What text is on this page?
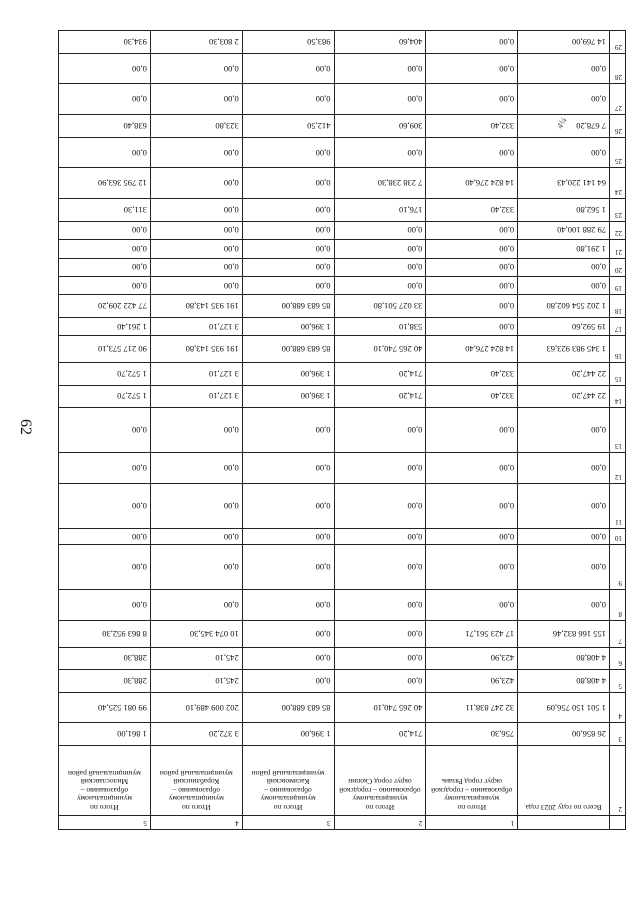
62
4¼
		1	2	3	4	5
2	Всего по году 2023 года	Итого по муниципальному образованию – городской округ город Рязань	Итого по муниципальному образованию – городской округ город Скопин	Итого по муниципальному образованию – Касимовский муниципальный район	Итого по муниципальному образованию – Кораблинский муниципальный район	Итого по муниципальному образованию – Милославский муниципальный район
3	26 856,00	756,30	714,20	1 396,00	3 372,20	1 861,00
4	1 501 150 756,09	32 247 838,11	40 265 740,10	85 683 688,00	202 009 489,10	99 081 525,40
5	4 408,80	423,90	0,00	0,00	245,10	288,30
6	4 408,80	423,90	0,00	0,00	245,10	288,30
7	155 166 832,46	17 423 561,71	0,00	0,00	10 074 345,30	8 863 952,30
8	0,00	0,00	0,00	0,00	0,00	0,00
9	0,00	0,00	0,00	0,00	0,00	0,00
10	0,00	0,00	0,00	0,00	0,00	0,00
11	0,00	0,00	0,00	0,00	0,00	0,00
12	0,00	0,00	0,00	0,00	0,00	0,00
13	0,00	0,00	0,00	0,00	0,00	0,00
14	22 447,20	332,40	714,20	1 396,00	3 127,10	1 572,70
15	22 447,20	332,40	714,20	1 396,00	3 127,10	1 572,70
16	1 345 983 923,63	14 824 276,40	40 265 740,10	85 683 688,00	191 935 143,80	90 217 573,10
17	19 592,60	0,00	538,10	1 396,00	3 127,10	1 261,40
18	1 202 554 602,80	0,00	33 027 501,80	85 683 688,00	191 935 143,80	77 422 209,20
19	0,00	0,00	0,00	0,00	0,00	0,00
20	0,00	0,00	0,00	0,00	0,00	0,00
21	1 291,80	0,00	0,00	0,00	0,00	0,00
22	79 288 100,40	0,00	0,00	0,00	0,00	0,00
23	1 562,80	332,40	176,10	0,00	0,00	311,30
24	64 141 220,43	14 824 276,40	7 238 238,30	0,00	0,00	12 795 363,90
25	0,00	0,00	0,00	0,00	0,00	0,00
26	7 678,20	332,40	309,60	412,50	323,80	638,40
27	0,00	0,00	0,00	0,00	0,00	0,00
28	0,00	0,00	0,00	0,00	0,00	0,00
29	14 769,00	0,00	404,60	983,50	2 803,30	934,30
